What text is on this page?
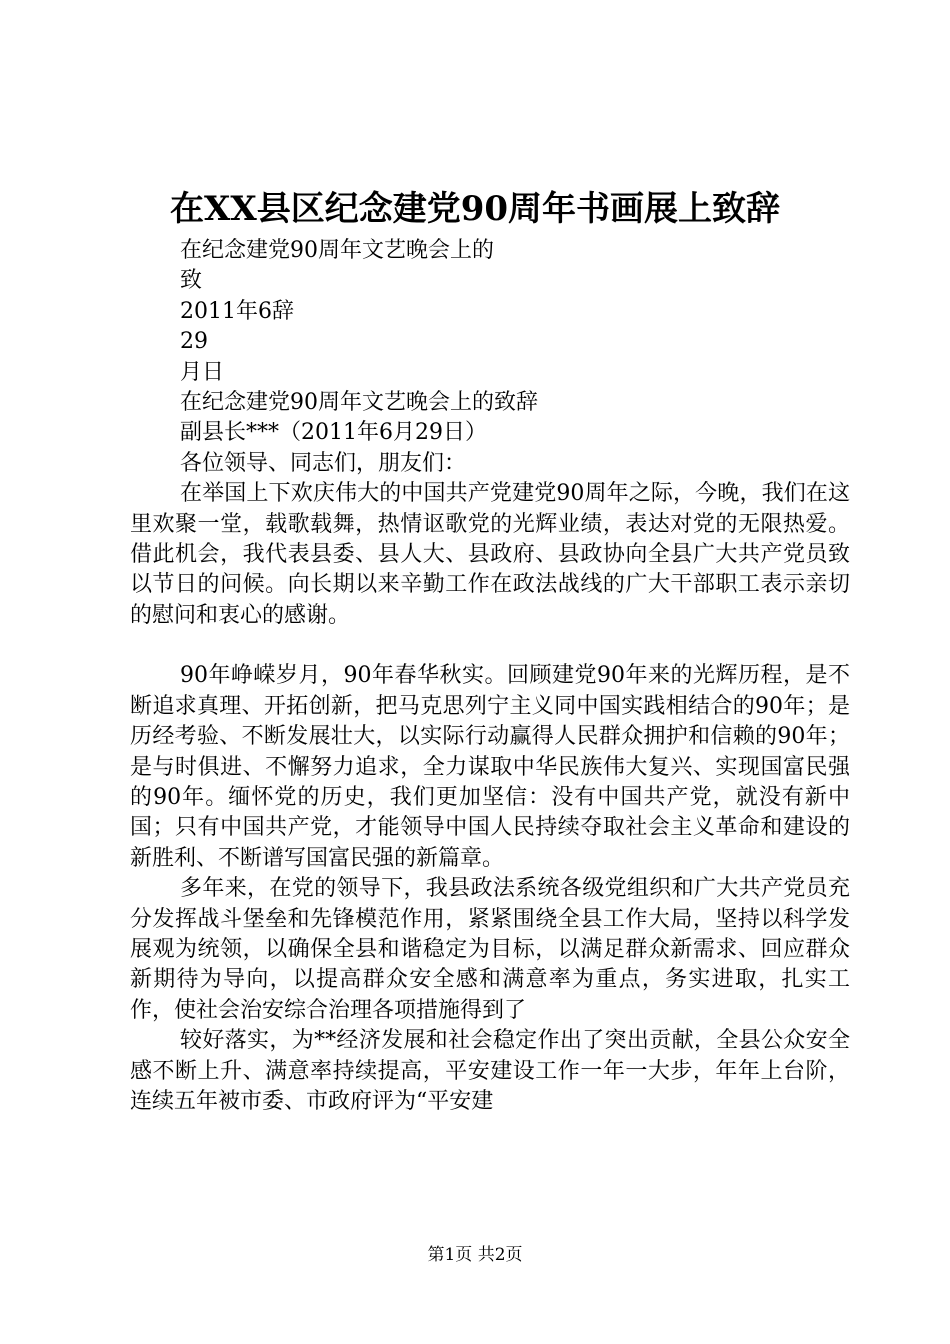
在XX县区纪念建党90周年书画展上致辞
在纪念建党90周年文艺晚会上的
致
2011年6辞
29
月日
在纪念建党90周年文艺晚会上的致辞
副县长***（2011年6月29日）
各位领导、同志们，朋友们：

在举国上下欢庆伟大的中国共产党建党90周年之际，今晚，我们在这里欢聚一堂，载歌载舞，热情讴歌党的光辉业绩，表达对党的无限热爱。借此机会，我代表县委、县人大、县政府、县政协向全县广大共产党员致以节日的问候。向长期以来辛勤工作在政法战线的广大干部职工表示亲切的慰问和衷心的感谢。

90年峥嵘岁月，90年春华秋实。回顾建党90年来的光辉历程，是不断追求真理、开拓创新，把马克思列宁主义同中国实践相结合的90年；是历经考验、不断发展壮大，以实际行动赢得人民群众拥护和信赖的90年；是与时俱进、不懈努力追求，全力谋取中华民族伟大复兴、实现国富民强的90年。缅怀党的历史，我们更加坚信：没有中国共产党，就没有新中国；只有中国共产党，才能领导中国人民持续夺取社会主义革命和建设的新胜利、不断谱写国富民强的新篇章。

多年来，在党的领导下，我县政法系统各级党组织和广大共产党员充分发挥战斗堡垒和先锋模范作用，紧紧围绕全县工作大局，坚持以科学发展观为统领，以确保全县和谐稳定为目标，以满足群众新需求、回应群众新期待为导向，以提高群众安全感和满意率为重点，务实进取，扎实工作，使社会治安综合治理各项措施得到了

较好落实，为**经济发展和社会稳定作出了突出贡献，全县公众安全感不断上升、满意率持续提高，平安建设工作一年一大步，年年上台阶，连续五年被市委、市政府评为“平安建

第1页 共2页
